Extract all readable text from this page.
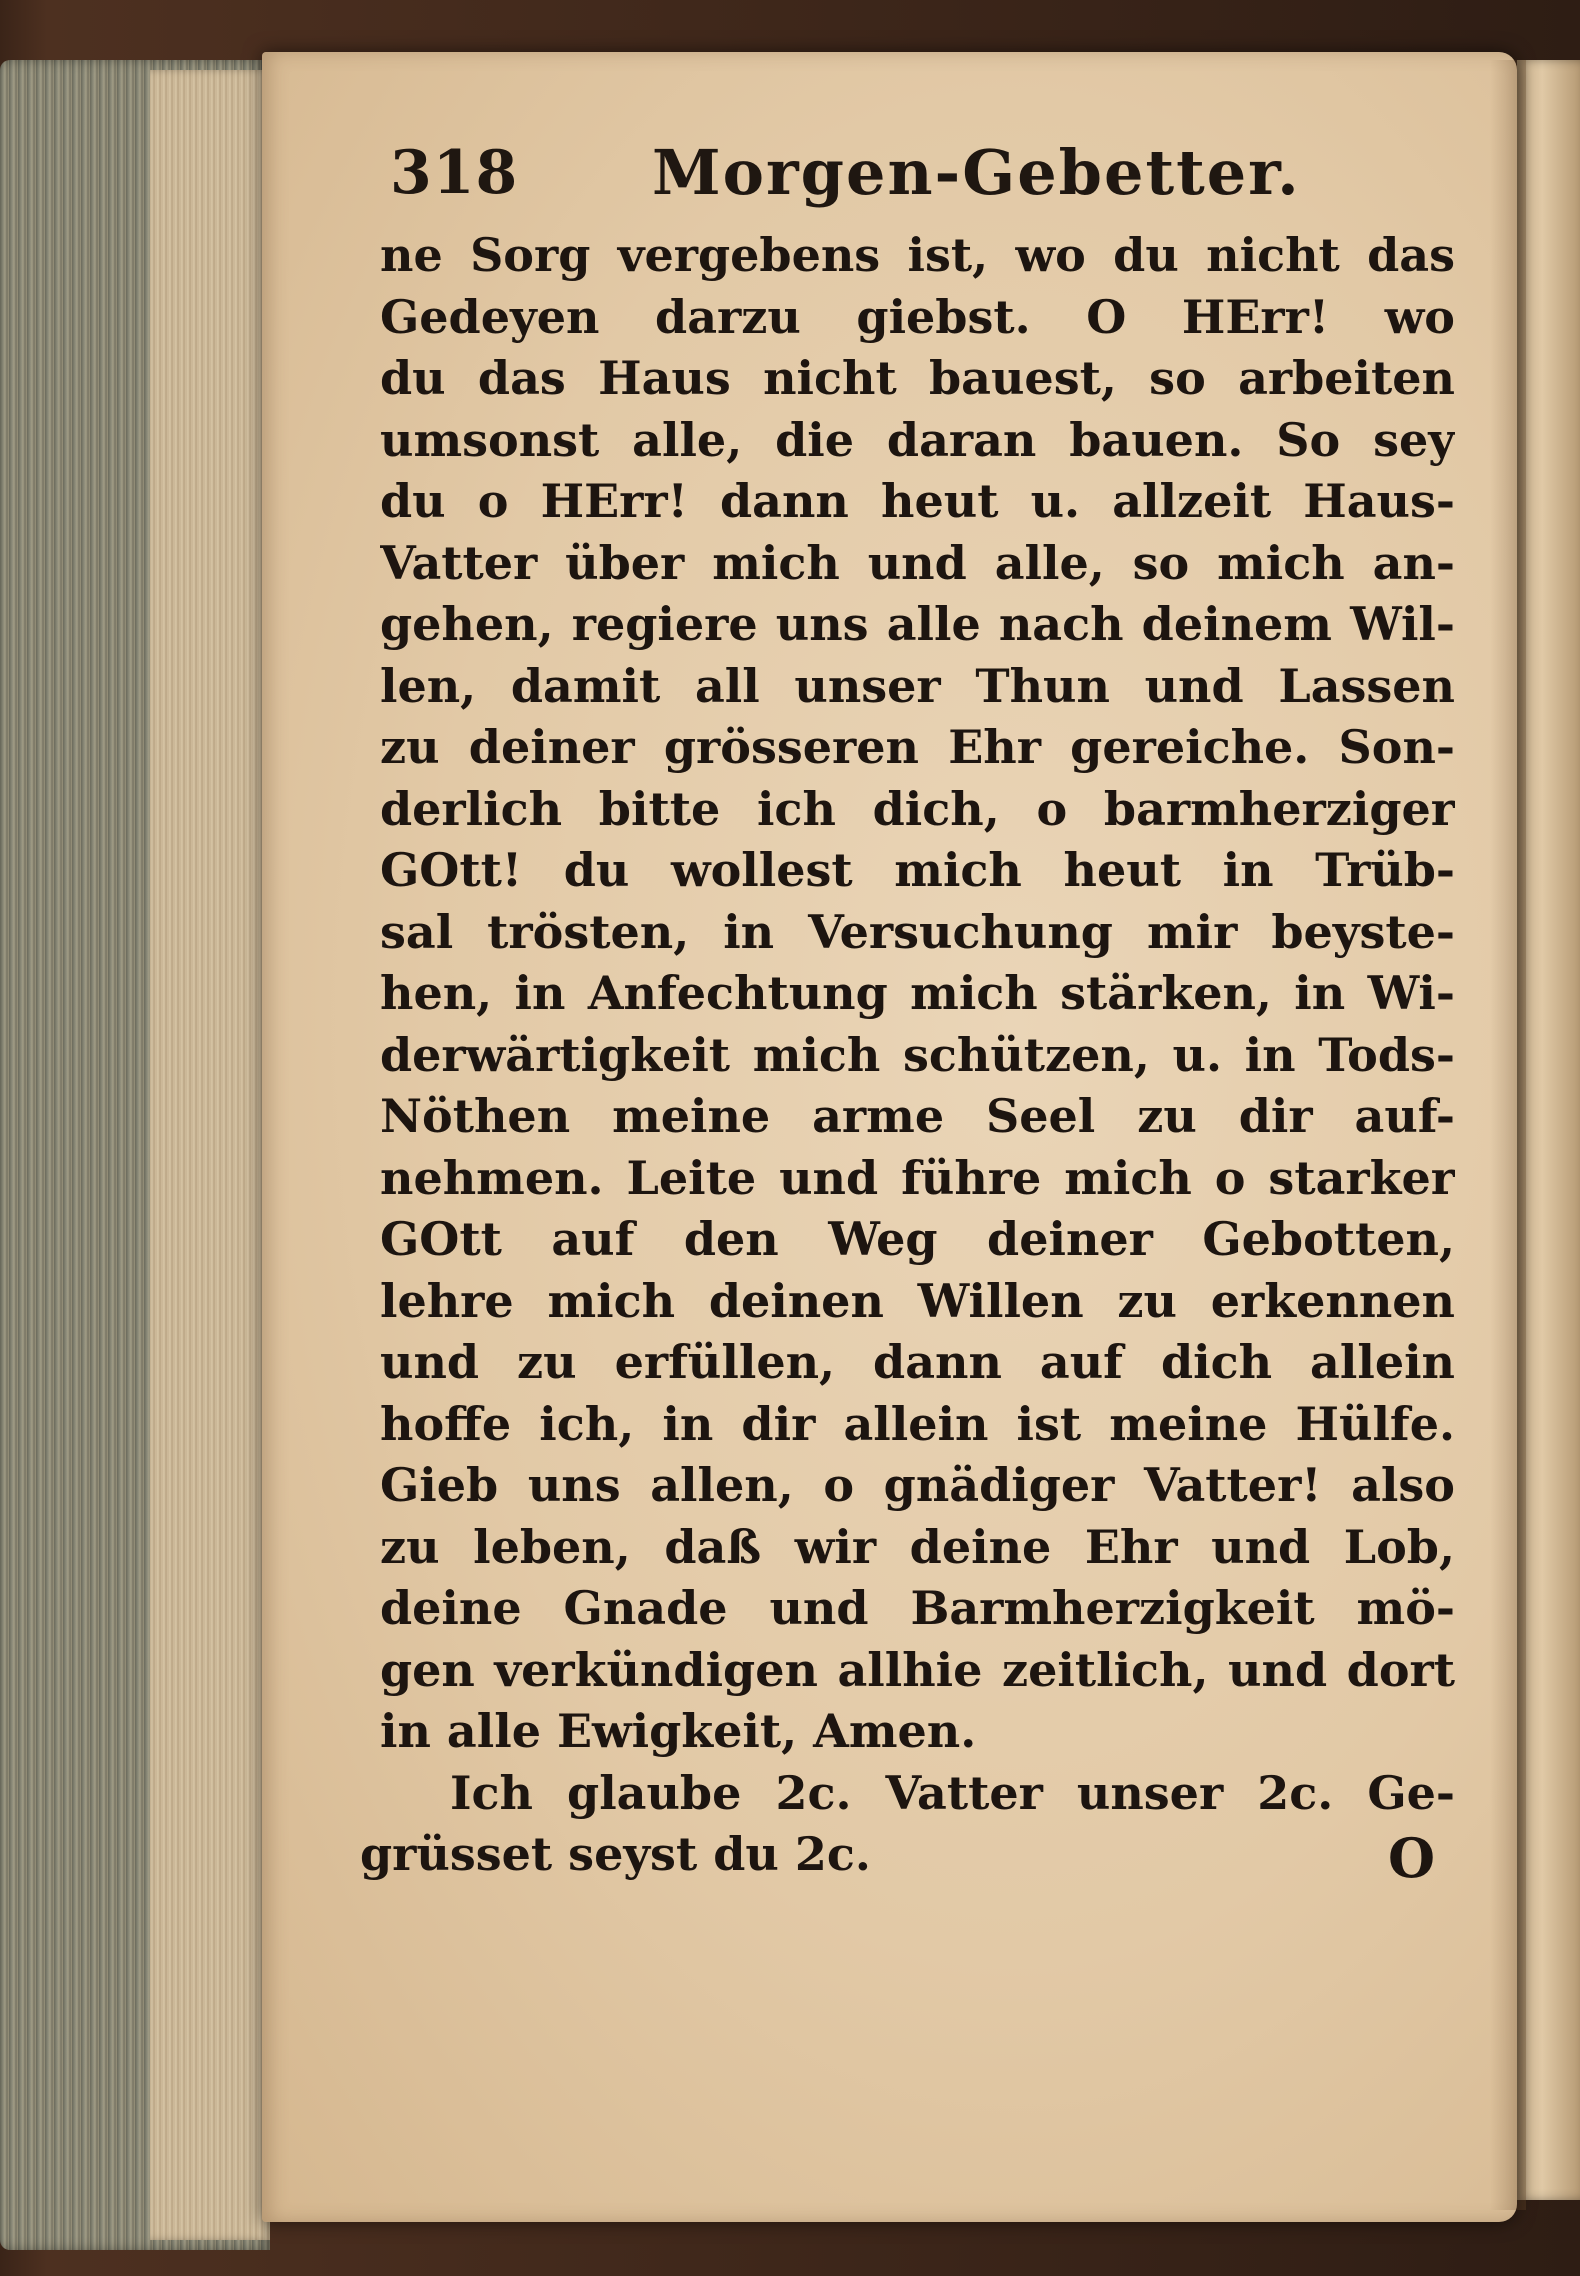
318 Morgen-Gebetter.
ne Sorg vergebens ist, wo du nicht das
Gedeyen darzu giebst. O HErr! wo
du das Haus nicht bauest, so arbeiten
umsonst alle, die daran bauen. So sey
du o HErr! dann heut u. allzeit Haus-
Vatter über mich und alle, so mich an-
gehen, regiere uns alle nach deinem Wil-
len, damit all unser Thun und Lassen
zu deiner grösseren Ehr gereiche. Son-
derlich bitte ich dich, o barmherziger
GOtt! du wollest mich heut in Trüb-
sal trösten, in Versuchung mir beyste-
hen, in Anfechtung mich stärken, in Wi-
derwärtigkeit mich schützen, u. in Tods-
Nöthen meine arme Seel zu dir auf-
nehmen. Leite und führe mich o starker
GOtt auf den Weg deiner Gebotten,
lehre mich deinen Willen zu erkennen
und zu erfüllen, dann auf dich allein
hoffe ich, in dir allein ist meine Hülfe.
Gieb uns allen, o gnädiger Vatter! also
zu leben, daß wir deine Ehr und Lob,
deine Gnade und Barmherzigkeit mö-
gen verkündigen allhie zeitlich, und dort
in alle Ewigkeit, Amen.
Ich glaube 2c. Vatter unser 2c. Ge-
grüsset seyst du 2c.	O
